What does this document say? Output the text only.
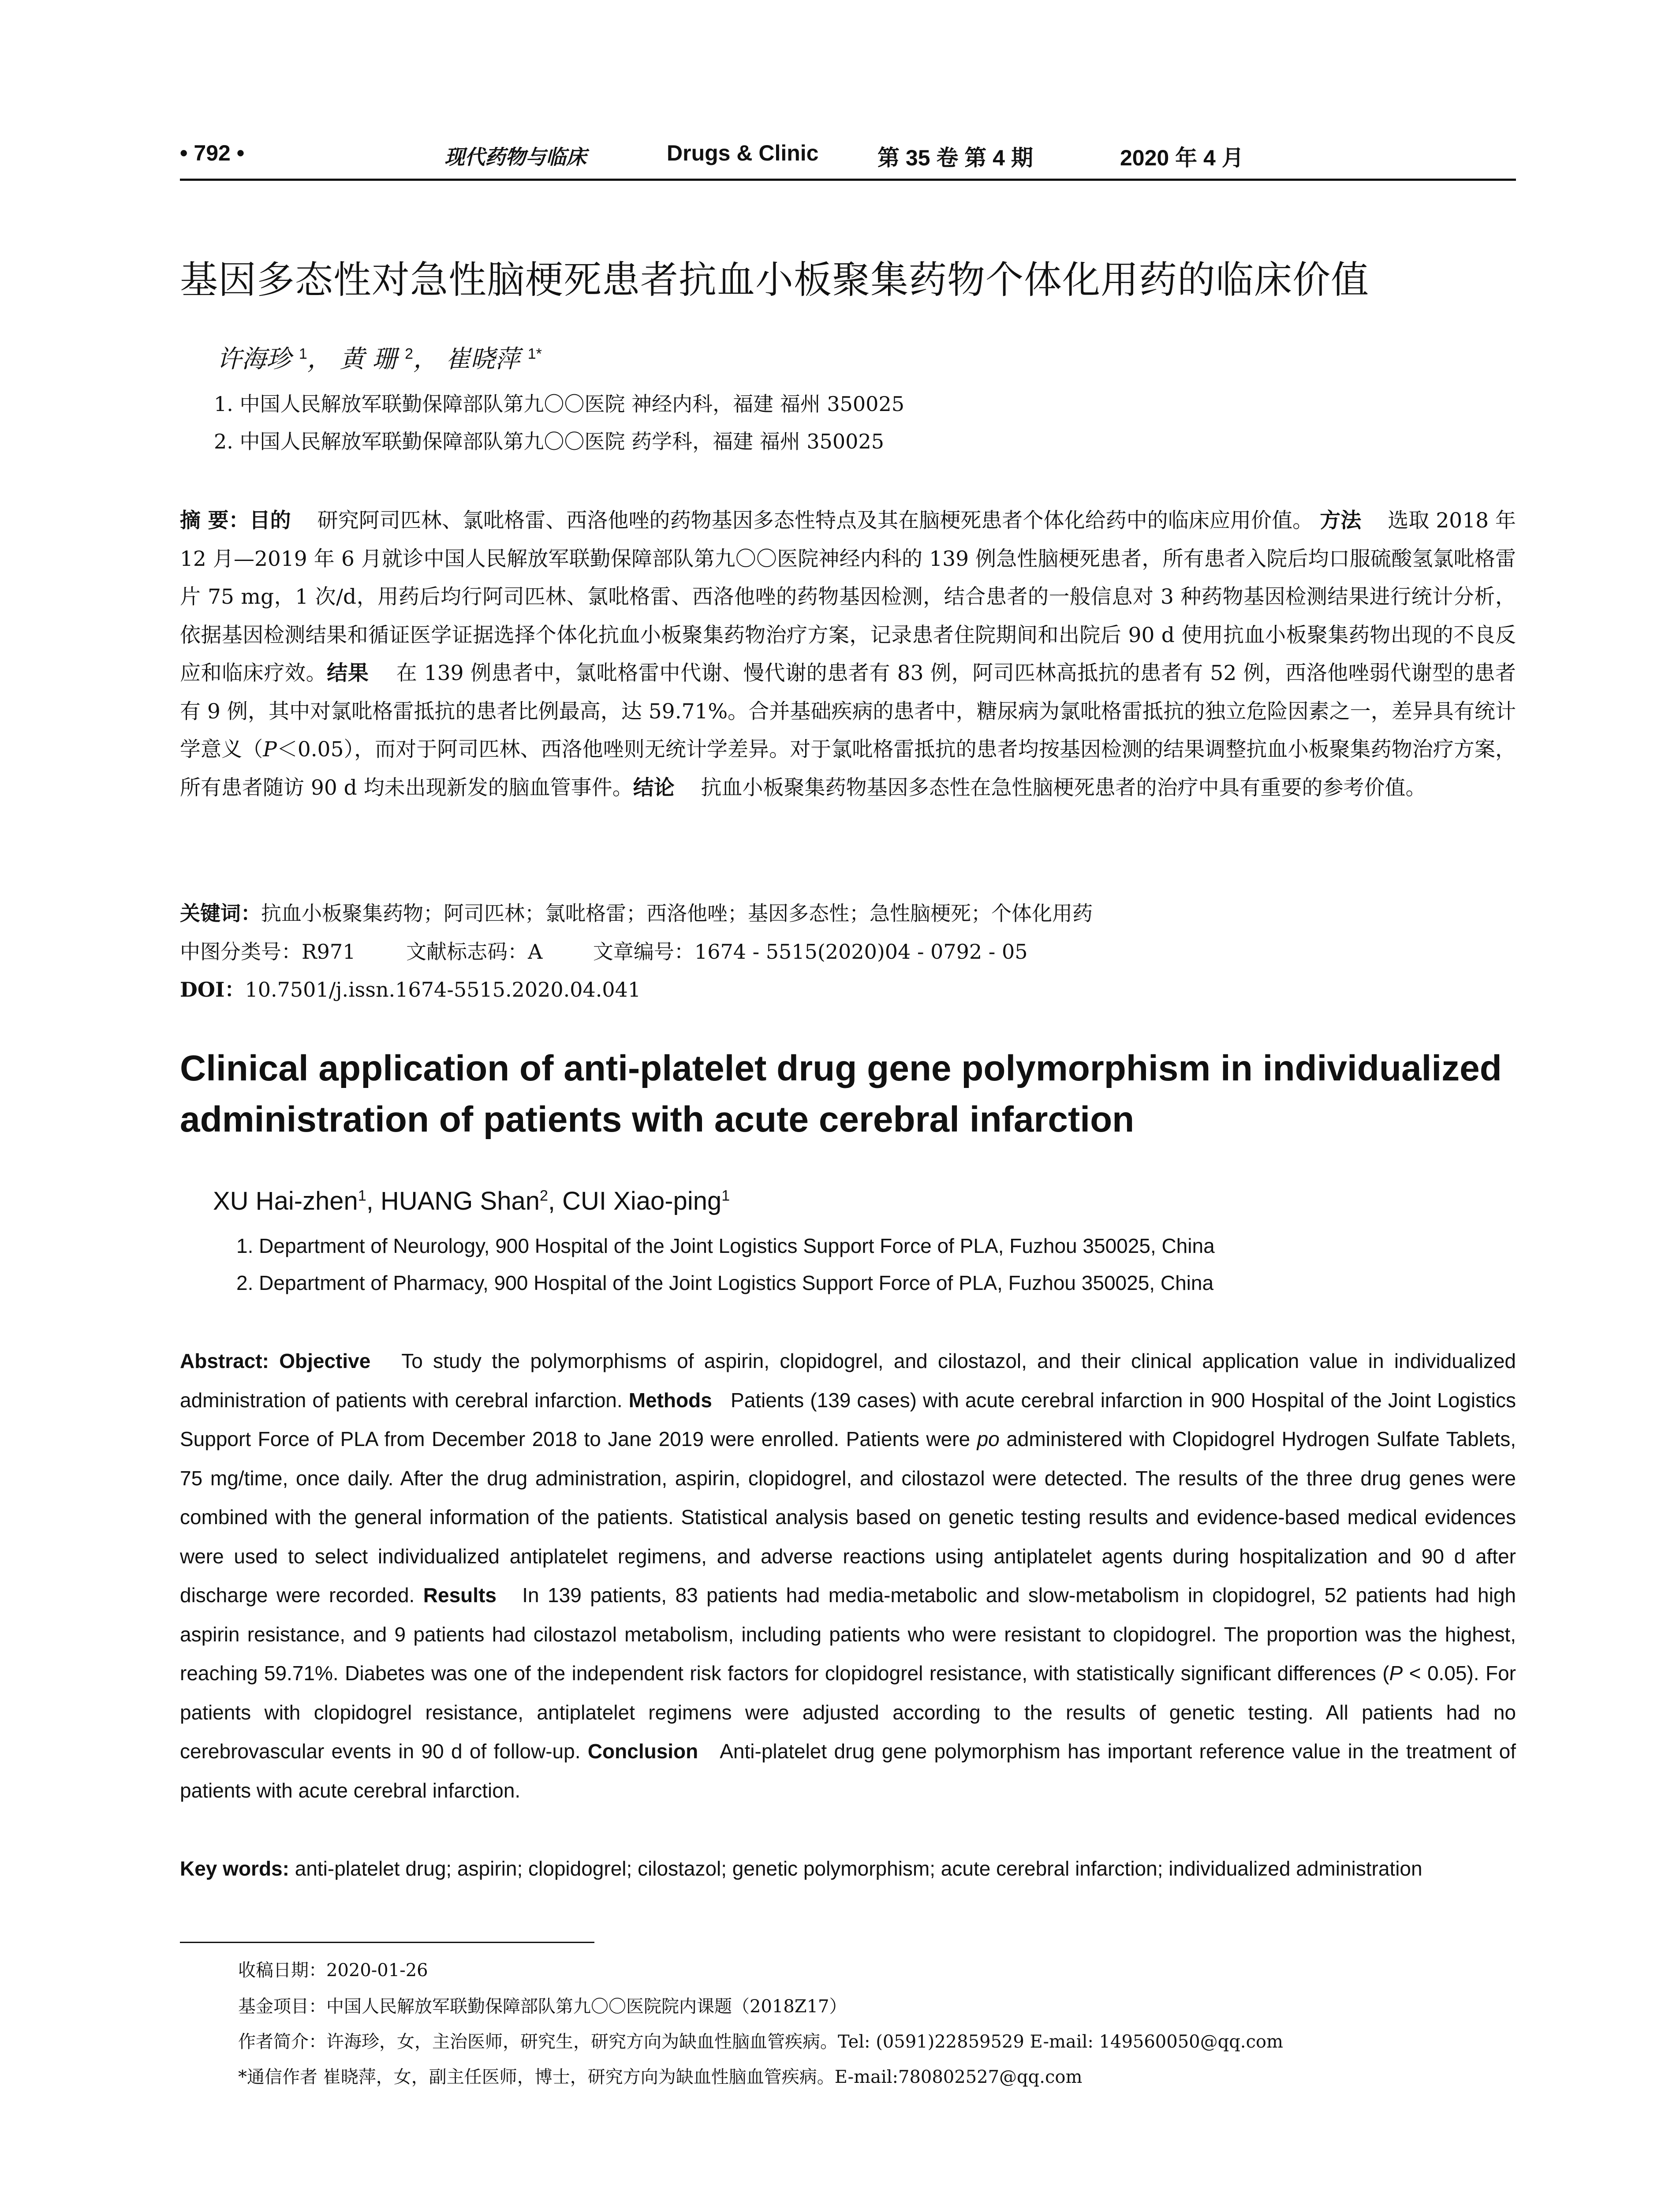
• 792 •	现代药物与临床	Drugs & Clinic	第 35 卷 第 4 期	2020 年 4 月
基因多态性对急性脑梗死患者抗血小板聚集药物个体化用药的临床价值
许海珍 $^1$， 黄 珊 $^2$， 崔晓萍 $^{1*}$
1. 中国人民解放军联勤保障部队第九〇〇医院 神经内科，福建 福州 350025
2. 中国人民解放军联勤保障部队第九〇〇医院 药学科，福建 福州 350025
摘 要：目的 研究阿司匹林、氯吡格雷、西洛他唑的药物基因多态性特点及其在脑梗死患者个体化给药中的临床应用价值。 方法 选取 2018 年 12 月—2019 年 6 月就诊中国人民解放军联勤保障部队第九〇〇医院神经内科的 139 例急性脑梗死患者，所有患者入院后均口服硫酸氢氯吡格雷片 75 mg，1 次/d，用药后均行阿司匹林、氯吡格雷、西洛他唑的药物基因检测，结合患者的一般信息对 3 种药物基因检测结果进行统计分析，依据基因检测结果和循证医学证据选择个体化抗血小板聚集药物治疗方案，记录患者住院期间和出院后 90 d 使用抗血小板聚集药物出现的不良反应和临床疗效。结果 在 139 例患者中，氯吡格雷中代谢、慢代谢的患者有 83 例，阿司匹林高抵抗的患者有 52 例，西洛他唑弱代谢型的患者有 9 例，其中对氯吡格雷抵抗的患者比例最高，达 59.71%。合并基础疾病的患者中，糖尿病为氯吡格雷抵抗的独立危险因素之一，差异具有统计学意义（P＜0.05），而对于阿司匹林、西洛他唑则无统计学差异。对于氯吡格雷抵抗的患者均按基因检测的结果调整抗血小板聚集药物治疗方案，所有患者随访 90 d 均未出现新发的脑血管事件。结论 抗血小板聚集药物基因多态性在急性脑梗死患者的治疗中具有重要的参考价值。
关键词：抗血小板聚集药物；阿司匹林；氯吡格雷；西洛他唑；基因多态性；急性脑梗死；个体化用药
中图分类号：R971 文献标志码：A 文章编号：1674 - 5515(2020)04 - 0792 - 05
DOI：10.7501/j.issn.1674-5515.2020.04.041
Clinical application of anti-platelet drug gene polymorphism in individualized administration of patients with acute cerebral infarction
XU Hai-zhen$^1$, HUANG Shan$^2$, CUI Xiao-ping$^1$
1. Department of Neurology, 900 Hospital of the Joint Logistics Support Force of PLA, Fuzhou 350025, China
2. Department of Pharmacy, 900 Hospital of the Joint Logistics Support Force of PLA, Fuzhou 350025, China
Abstract: Objective To study the polymorphisms of aspirin, clopidogrel, and cilostazol, and their clinical application value in individualized administration of patients with cerebral infarction. Methods Patients (139 cases) with acute cerebral infarction in 900 Hospital of the Joint Logistics Support Force of PLA from December 2018 to Jane 2019 were enrolled. Patients were po administered with Clopidogrel Hydrogen Sulfate Tablets, 75 mg/time, once daily. After the drug administration, aspirin, clopidogrel, and cilostazol were detected. The results of the three drug genes were combined with the general information of the patients. Statistical analysis based on genetic testing results and evidence-based medical evidences were used to select individualized antiplatelet regimens, and adverse reactions using antiplatelet agents during hospitalization and 90 d after discharge were recorded. Results In 139 patients, 83 patients had media-metabolic and slow-metabolism in clopidogrel, 52 patients had high aspirin resistance, and 9 patients had cilostazol metabolism, including patients who were resistant to clopidogrel. The proportion was the highest, reaching 59.71%. Diabetes was one of the independent risk factors for clopidogrel resistance, with statistically significant differences (P < 0.05). For patients with clopidogrel resistance, antiplatelet regimens were adjusted according to the results of genetic testing. All patients had no cerebrovascular events in 90 d of follow-up. Conclusion Anti-platelet drug gene polymorphism has important reference value in the treatment of patients with acute cerebral infarction.
Key words: anti-platelet drug; aspirin; clopidogrel; cilostazol; genetic polymorphism; acute cerebral infarction; individualized administration
收稿日期：2020-01-26
基金项目：中国人民解放军联勤保障部队第九〇〇医院院内课题（2018Z17）
作者简介：许海珍，女，主治医师，研究生，研究方向为缺血性脑血管疾病。Tel: (0591)22859529 E-mail: 149560050@qq.com
*通信作者 崔晓萍，女，副主任医师，博士，研究方向为缺血性脑血管疾病。E-mail:780802527@qq.com
